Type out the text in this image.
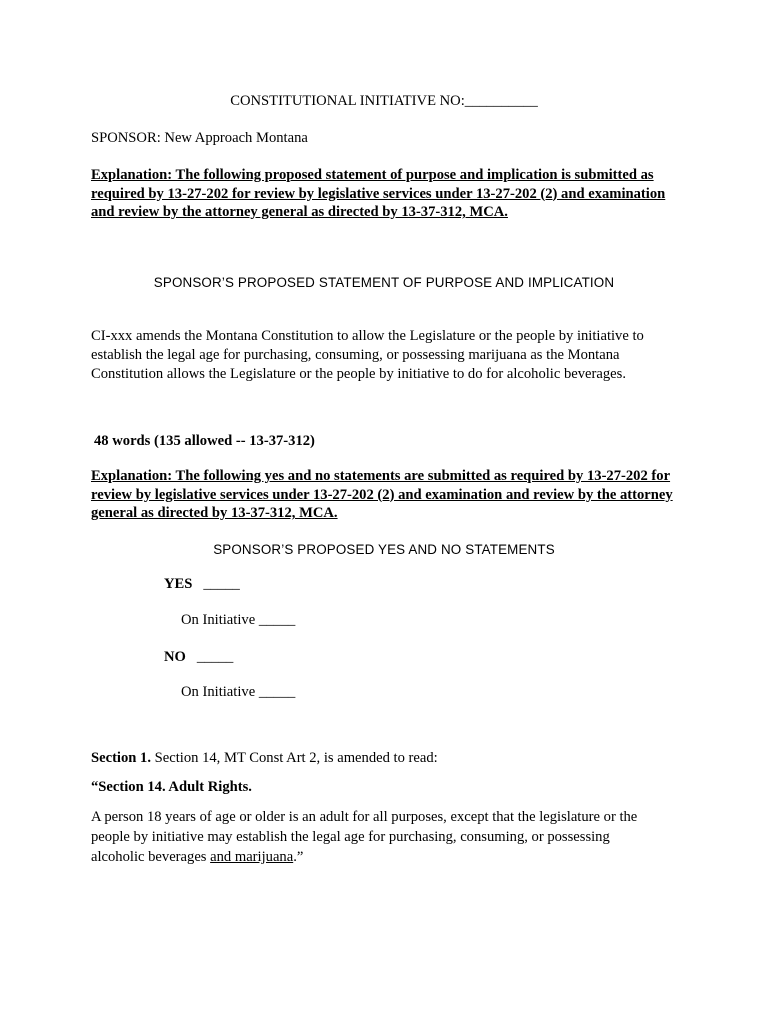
CONSTITUTIONAL INITIATIVE NO:__________

SPONSOR: New Approach Montana

Explanation: The following proposed statement of purpose and implication is submitted as required by 13-27-202 for review by legislative services under 13-27-202 (2) and examination and review by the attorney general as directed by 13-37-312, MCA.

SPONSOR’S PROPOSED STATEMENT OF PURPOSE AND IMPLICATION

CI-xxx amends the Montana Constitution to allow the Legislature or the people by initiative to establish the legal age for purchasing, consuming, or possessing marijuana as the Montana Constitution allows the Legislature or the people by initiative to do for alcoholic beverages.

48 words (135 allowed -- 13-37-312)

Explanation: The following yes and no statements are submitted as required by 13-27-202 for review by legislative services under 13-27-202 (2) and examination and review by the attorney general as directed by 13-37-312, MCA.

SPONSOR’S PROPOSED YES AND NO STATEMENTS

YES _____

On Initiative _____

NO _____

On Initiative _____

Section 1. Section 14, MT Const Art 2, is amended to read:

“Section 14. Adult Rights.

A person 18 years of age or older is an adult for all purposes, except that the legislature or the people by initiative may establish the legal age for purchasing, consuming, or possessing alcoholic beverages and marijuana.”
